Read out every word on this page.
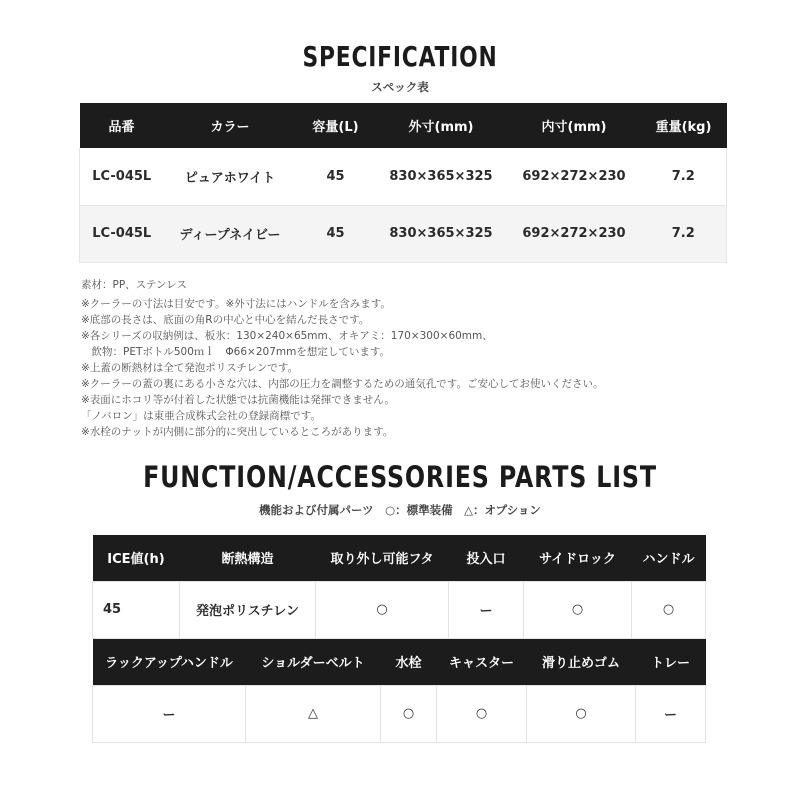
SPECIFICATION
スペック表
品番	カラー	容量(L)	外寸(mm)	内寸(mm)	重量(kg)
LC-045L	ピュアホワイト	45	830×365×325	692×272×230	7.2
LC-045L	ディープネイビー	45	830×365×325	692×272×230	7.2
素材：PP、ステンレス
※クーラーの寸法は目安です。※外寸法にはハンドルを含みます。
※底部の長さは、底面の角Rの中心と中心を結んだ長さです。
※各シリーズの収納例は、板氷：130×240×65mm、オキアミ：170×300×60mm、
　飲物：PETボトル500ｍｌ　Φ66×207mmを想定しています。
※上蓋の断熱材は全て発泡ポリスチレンです。
※クーラーの蓋の裏にある小さな穴は、内部の圧力を調整するための通気孔です。ご安心してお使いください。
※表面にホコリ等が付着した状態では抗菌機能は発揮できません。
「ノバロン」は東亜合成株式会社の登録商標です。
※水栓のナットが内側に部分的に突出しているところがあります。
FUNCTION/ACCESSORIES PARTS LIST
機能および付属パーツ　○：標準装備　△：オプション
ICE値(h)	断熱構造	取り外し可能フタ	投入口	サイドロック	ハンドル
45	発泡ポリスチレン	○	ー	○	○
ラックアップハンドル	ショルダーベルト	水栓	キャスター	滑り止めゴム	トレー
ー	△	○	○	○	ー
